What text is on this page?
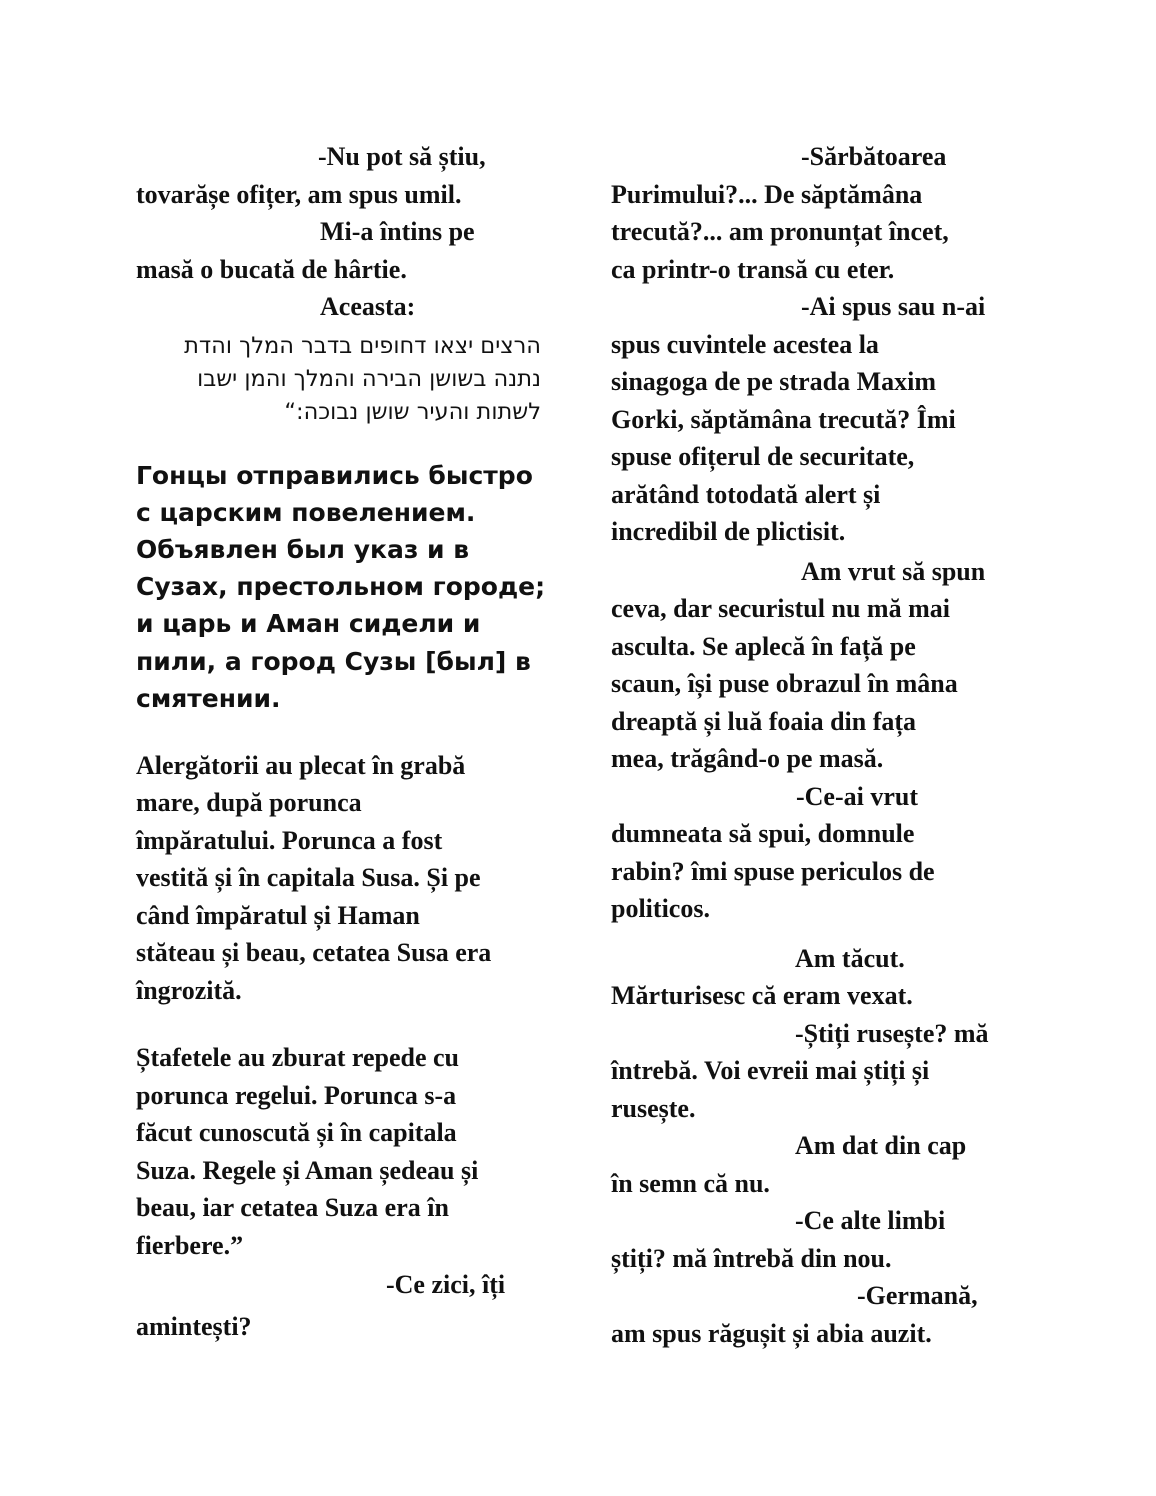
-Nu pot să știu,
tovarășe ofițer, am spus umil.
Mi-a întins pe
masă o bucată de hârtie.
Aceasta:
הרצים יצאו דחופים בדבר המלך והדת
נתנה בשושן הבירה והמלך והמן ישבו
לשתות והעיר שושן נבוכה:“
Гонцы отправились быстро
с царским повелением.
Объявлен был указ и в
Сузах, престольном городе;
и царь и Аман сидели и
пили, а город Сузы [был] в
смятении.
Alergătorii au plecat în grabă
mare, după porunca
împăratului. Porunca a fost
vestită și în capitala Susa. Și pe
când împăratul și Haman
stăteau și beau, cetatea Susa era
îngrozită.
Ștafetele au zburat repede cu
porunca regelui. Porunca s-a
făcut cunoscută și în capitala
Suza. Regele și Aman ședeau și
beau, iar cetatea Suza era în
fierbere.”
-Ce zici, îți
amintești?
-Sărbătoarea
Purimului?... De săptămâna
trecută?... am pronunțat încet,
ca printr-o transă cu eter.
-Ai spus sau n-ai
spus cuvintele acestea la
sinagoga de pe strada Maxim
Gorki, săptămâna trecută? Îmi
spuse ofițerul de securitate,
arătând totodată alert și
incredibil de plictisit.
Am vrut să spun
ceva, dar securistul nu mă mai
asculta. Se aplecă în față pe
scaun, își puse obrazul în mâna
dreaptă și luă foaia din fața
mea, trăgând-o pe masă.
-Ce-ai vrut
dumneata să spui, domnule
rabin? îmi spuse periculos de
politicos.
Am tăcut.
Mărturisesc că eram vexat.
-Știți rusește? mă
întrebă. Voi evreii mai știți și
rusește.
Am dat din cap
în semn că nu.
-Ce alte limbi
știți? mă întrebă din nou.
-Germană,
am spus răgușit și abia auzit.
